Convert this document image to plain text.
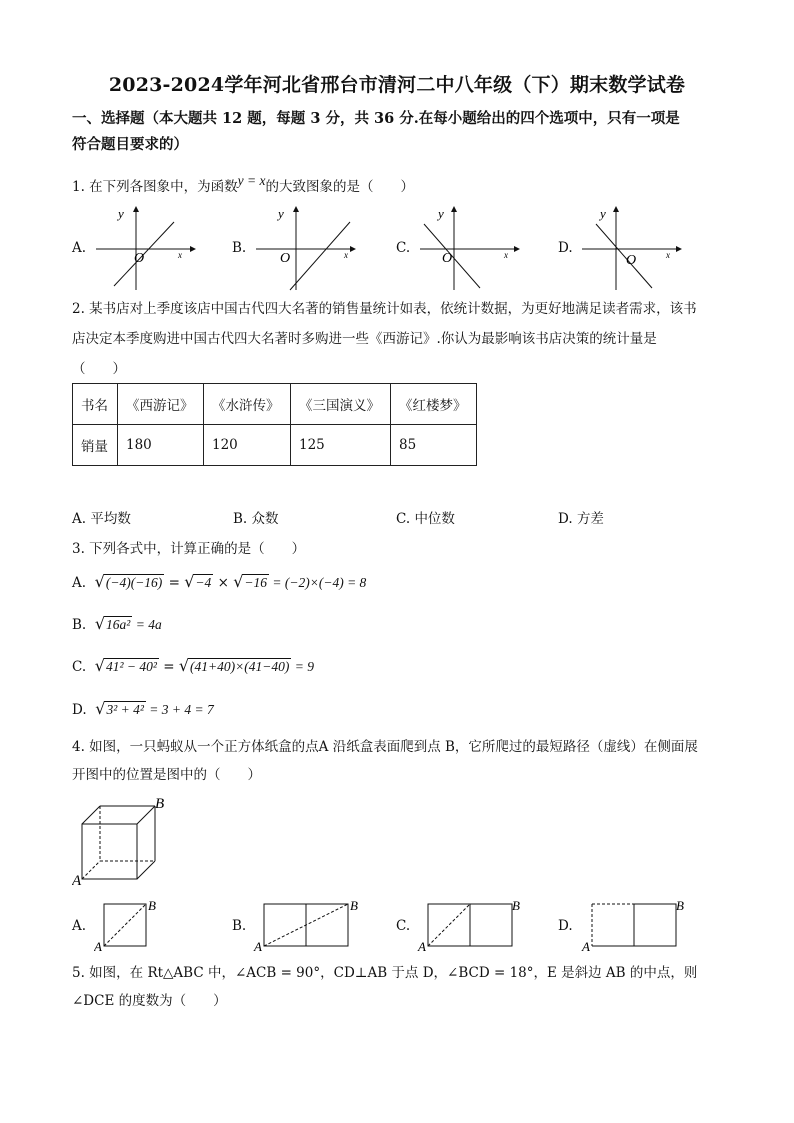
2023-2024学年河北省邢台市清河二中八年级（下）期末数学试卷
一、选择题（本大题共 12 题，每题 3 分，共 36 分.在每小题给出的四个选项中，只有一项是
符合题目要求的）
1. 在下列各图象中，为函数y = x的大致图象的是（　　）
A.
y
x
O
B.
y
x
O
C.
y
x
O
D.
y
x
O
2. 某书店对上季度该店中国古代四大名著的销售量统计如表，依统计数据，为更好地满足读者需求，该书
店决定本季度购进中国古代四大名著时多购进一些《西游记》.你认为最影响该书店决策的统计量是
（　　）
书名	《西游记》	《水浒传》	《三国演义》	《红楼梦》
销量	180	120	125	85
A. 平均数	B. 众数	C. 中位数	D. 方差
3. 下列各式中，计算正确的是（　　）
A. √(−4)(−16) = √−4 × √−16 = (−2)×(−4) = 8
B. √16a² = 4a
C. √41² − 40² = √(41+40)×(41−40) = 9
D. √3² + 4² = 3 + 4 = 7
4. 如图，一只蚂蚁从一个正方体纸盒的点A 沿纸盒表面爬到点 B，它所爬过的最短路径（虚线）在侧面展
开图中的位置是图中的（　　）
A
B
A.
A
B
B.
A
B
C.
A
B
D.
A
B
5. 如图，在 Rt△ABC 中，∠ACB = 90°，CD⊥AB 于点 D，∠BCD = 18°，E 是斜边 AB 的中点，则
∠DCE 的度数为（　　）
